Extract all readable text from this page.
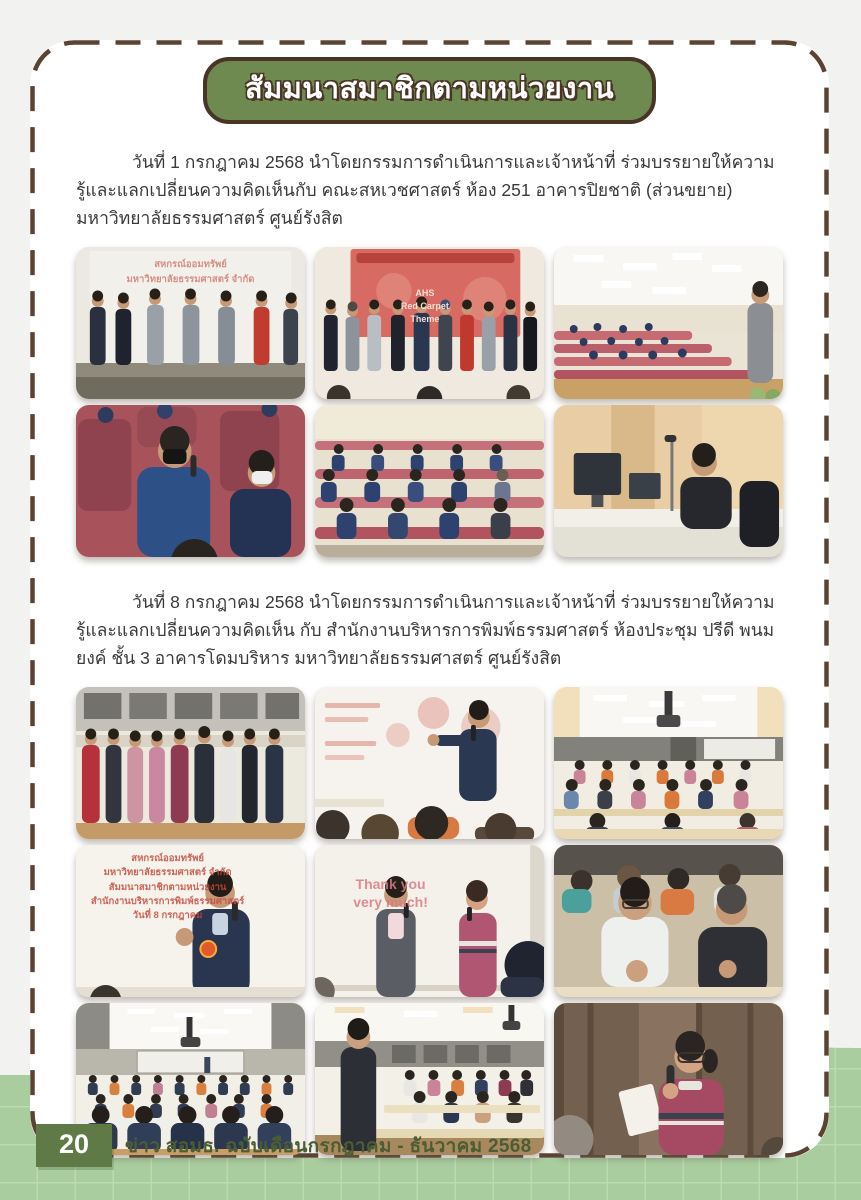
สัมมนาสมาชิกตามหน่วยงาน

วันที่ 1 กรกฎาคม 2568 นำโดยกรรมการดำเนินการและเจ้าหน้าที่ ร่วมบรรยายให้ความรู้และแลกเปลี่ยนความคิดเห็นกับ คณะสหเวชศาสตร์ ห้อง 251 อาคารปิยชาติ (ส่วนขยาย) มหาวิทยาลัยธรรมศาสตร์ ศูนย์รังสิต

สหกรณ์ออมทรัพย์
มหาวิทยาลัยธรรมศาสตร์ จำกัด
AHS
Red Carpet
Theme

วันที่ 8 กรกฎาคม 2568 นำโดยกรรมการดำเนินการและเจ้าหน้าที่ ร่วมบรรยายให้ความรู้และแลกเปลี่ยนความคิดเห็น กับ สำนักงานบริหารการพิมพ์ธรรมศาสตร์ ห้องประชุม ปรีดี พนมยงค์ ชั้น 3 อาคารโดมบริหาร มหาวิทยาลัยธรรมศาสตร์ ศูนย์รังสิต

สหกรณ์ออมทรัพย์
มหาวิทยาลัยธรรมศาสตร์ จำกัด
สัมมนาสมาชิกตามหน่วยงาน
สำนักงานบริหารการพิมพ์ธรรมศาสตร์
วันที่ 8 กรกฎาคม
Thank you
very much!
20	ข่าว สอมธ. ฉบับเดือนกรกฎาคม - ธันวาคม 2568
